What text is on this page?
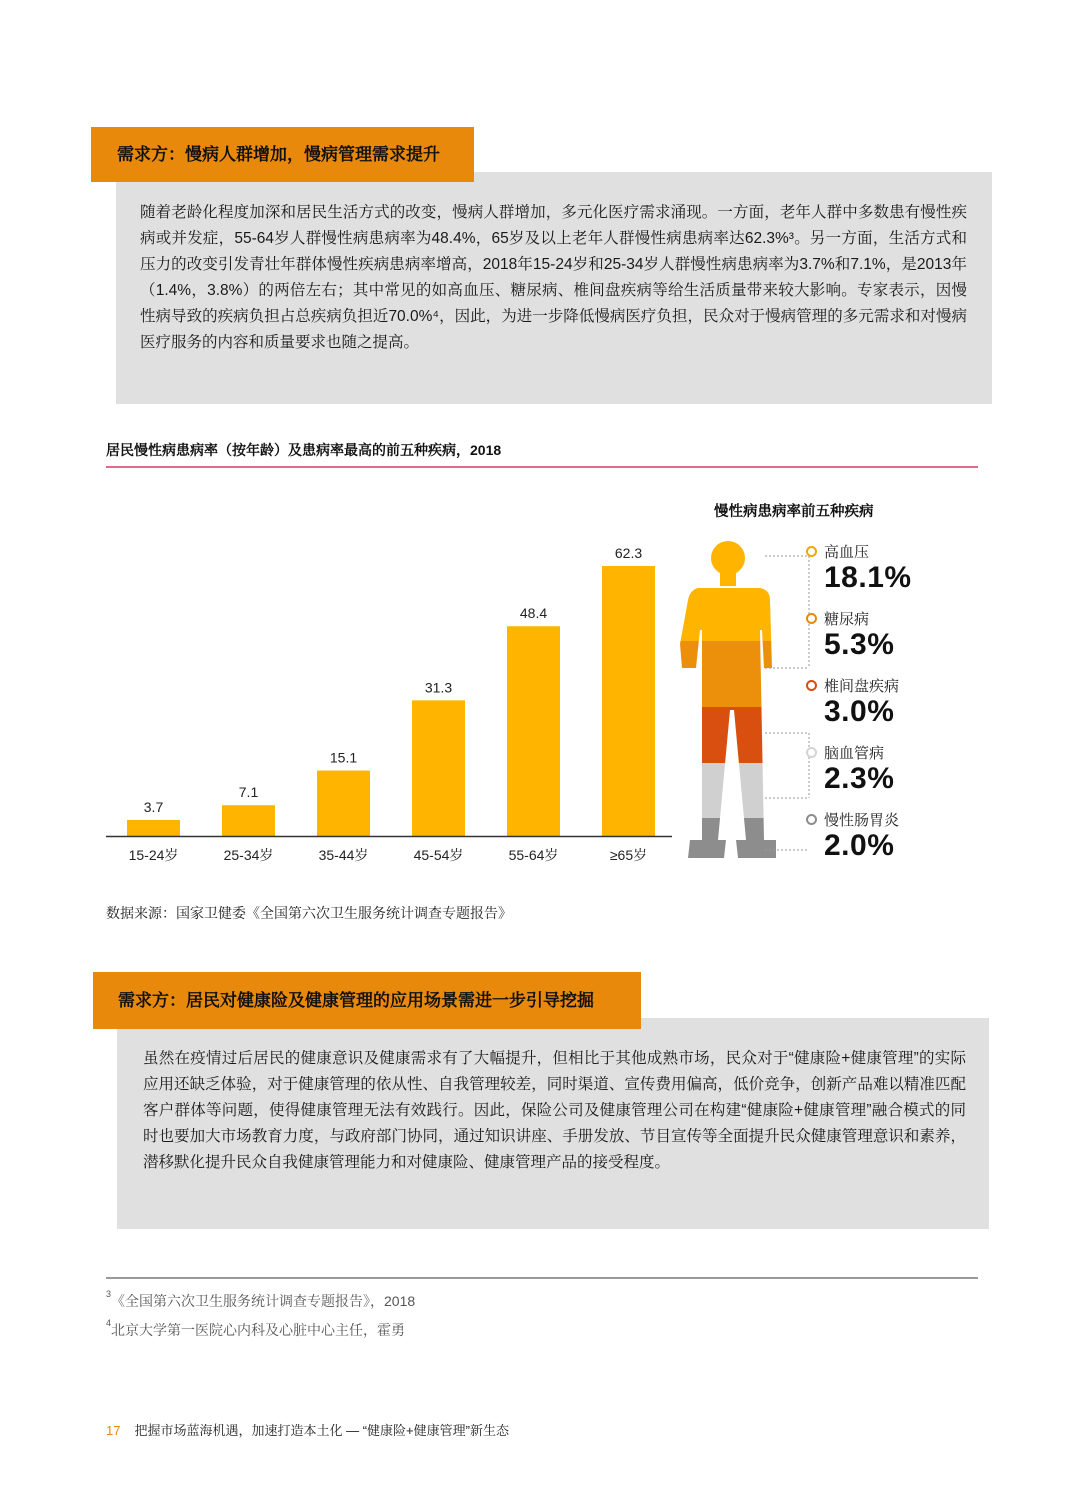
需求方：慢病人群增加，慢病管理需求提升

随着老龄化程度加深和居民生活方式的改变，慢病人群增加，多元化医疗需求涌现。一方面，老年人群中多数患有慢性疾病或并发症，55-64岁人群慢性病患病率为48.4%，65岁及以上老年人群慢性病患病率达62.3%³。另一方面，生活方式和压力的改变引发青壮年群体慢性疾病患病率增高，2018年15-24岁和25-34岁人群慢性病患病率为3.7%和7.1%，是2013年（1.4%，3.8%）的两倍左右；其中常见的如高血压、糖尿病、椎间盘疾病等给生活质量带来较大影响。专家表示，因慢性病导致的疾病负担占总疾病负担近70.0%⁴，因此，为进一步降低慢病医疗负担，民众对于慢病管理的多元需求和对慢病医疗服务的内容和质量要求也随之提高。

居民慢性病患病率（按年龄）及患病率最高的前五种疾病，2018
3.7
15-24岁
7.1
25-34岁
15.1
35-44岁
31.3
45-54岁
48.4
55-64岁
62.3
≥65岁
慢性病患病率前五种疾病
高血压
18.1%
糖尿病
5.3%
椎间盘疾病
3.0%
脑血管病
2.3%
慢性肠胃炎
2.0%
数据来源：国家卫健委《全国第六次卫生服务统计调查专题报告》
需求方：居民对健康险及健康管理的应用场景需进一步引导挖掘

虽然在疫情过后居民的健康意识及健康需求有了大幅提升，但相比于其他成熟市场，民众对于“健康险+健康管理”的实际应用还缺乏体验，对于健康管理的依从性、自我管理较差，同时渠道、宣传费用偏高，低价竞争，创新产品难以精准匹配客户群体等问题，使得健康管理无法有效践行。因此，保险公司及健康管理公司在构建“健康险+健康管理”融合模式的同时也要加大市场教育力度，与政府部门协同，通过知识讲座、手册发放、节目宣传等全面提升民众健康管理意识和素养，潜移默化提升民众自我健康管理能力和对健康险、健康管理产品的接受程度。

$^3$《全国第六次卫生服务统计调查专题报告》，2018
$^4$北京大学第一医院心内科及心脏中心主任，霍勇
17 把握市场蓝海机遇，加速打造本土化 — “健康险+健康管理”新生态
